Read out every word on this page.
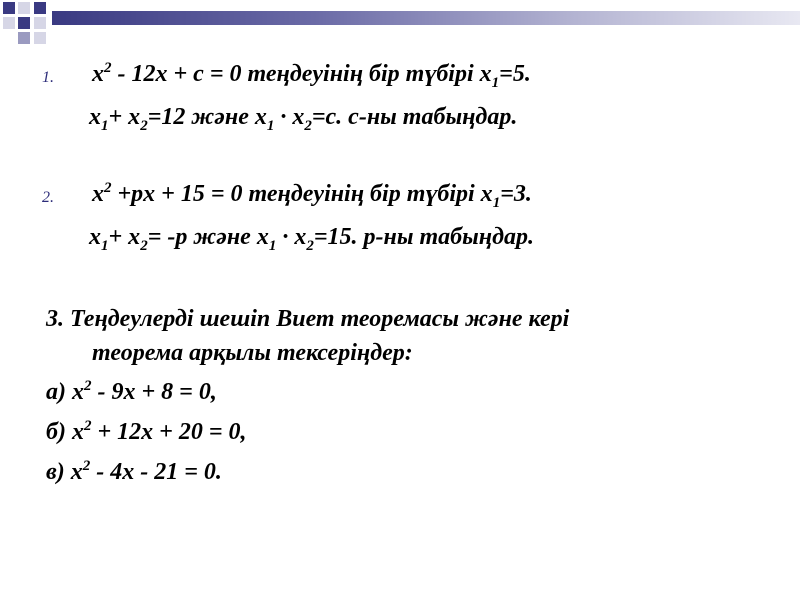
1. $x^2 - 12x + c = 0$ теңдеуінің бір түбірі $x_1=5$.
$x_1+ x_2=12$ және $x_1 \cdot x_2=c$. c-ны табыңдар.
2. $x^2 +px + 15 = 0$ теңдеуінің бір түбірі $x_1=3$.
$x_1+ x_2= -p$ және $x_1 \cdot x_2=15$. p-ны табыңдар.
3. Теңдеулерді шешіп Виет теоремасы және кері
теорема арқылы тексеріңдер:
а) $x^2 - 9x + 8 = 0$,
б) $x^2 + 12x + 20 = 0$,
в) $x^2 - 4x - 21 = 0$.
